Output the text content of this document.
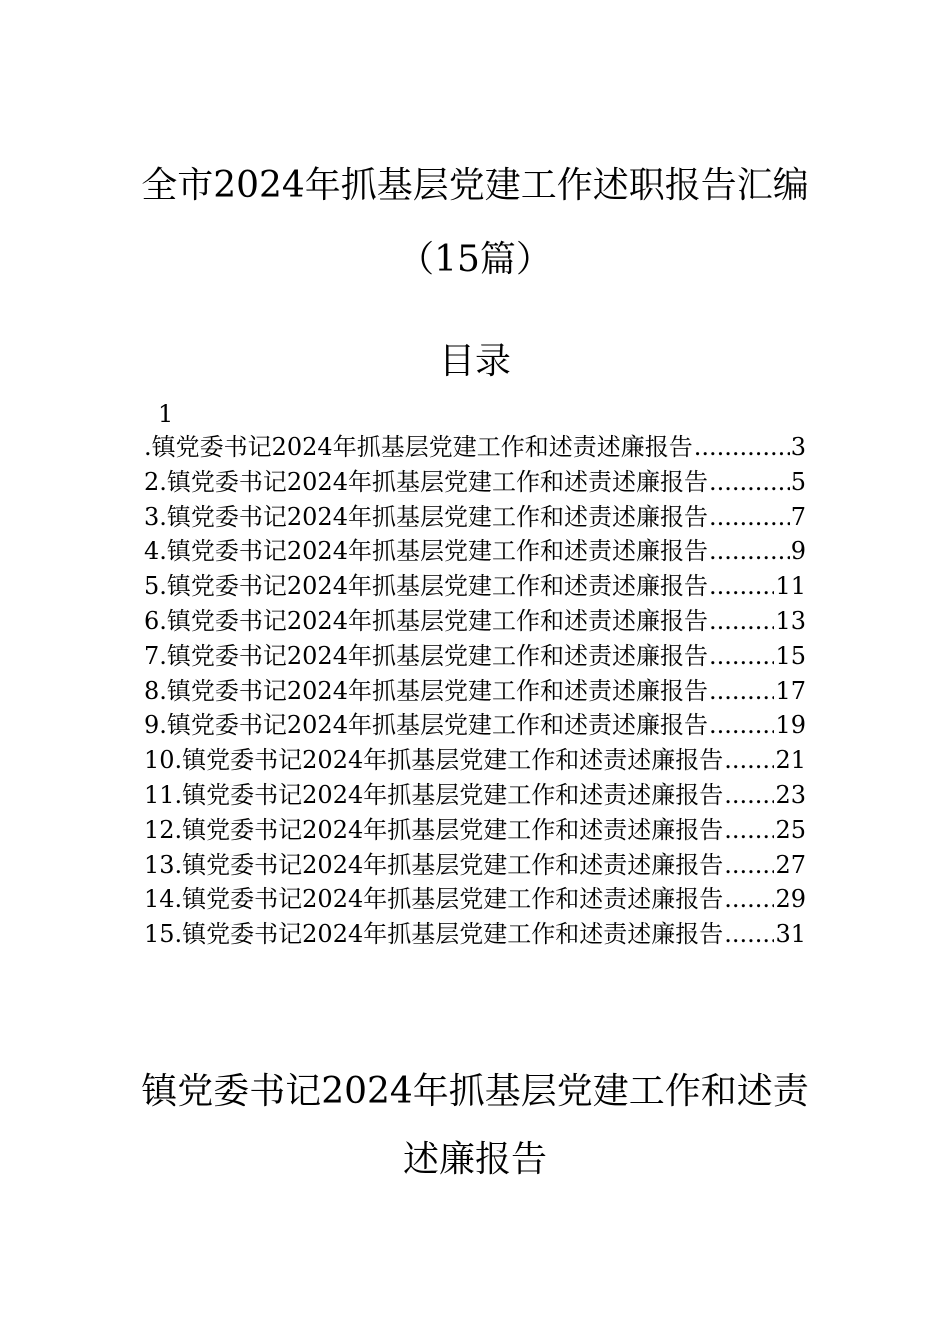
全市2024年抓基层党建工作述职报告汇编
（15篇）
目录
1
.镇党委书记2024年抓基层党建工作和述责述廉报告 .....	3
2.镇党委书记2024年抓基层党建工作和述责述廉报告 .....	5
3.镇党委书记2024年抓基层党建工作和述责述廉报告 .....	7
4.镇党委书记2024年抓基层党建工作和述责述廉报告 .....	9
5.镇党委书记2024年抓基层党建工作和述责述廉报告 .....	11
6.镇党委书记2024年抓基层党建工作和述责述廉报告 .....	13
7.镇党委书记2024年抓基层党建工作和述责述廉报告 .....	15
8.镇党委书记2024年抓基层党建工作和述责述廉报告 .....	17
9.镇党委书记2024年抓基层党建工作和述责述廉报告 .....	19
10.镇党委书记2024年抓基层党建工作和述责述廉报告 ..... 21
11.镇党委书记2024年抓基层党建工作和述责述廉报告 ..... 23
12.镇党委书记2024年抓基层党建工作和述责述廉报告 ..... 25
13.镇党委书记2024年抓基层党建工作和述责述廉报告 ..... 27
14.镇党委书记2024年抓基层党建工作和述责述廉报告 ..... 29
15.镇党委书记2024年抓基层党建工作和述责述廉报告 ..... 31
镇党委书记2024年抓基层党建工作和述责
述廉报告
